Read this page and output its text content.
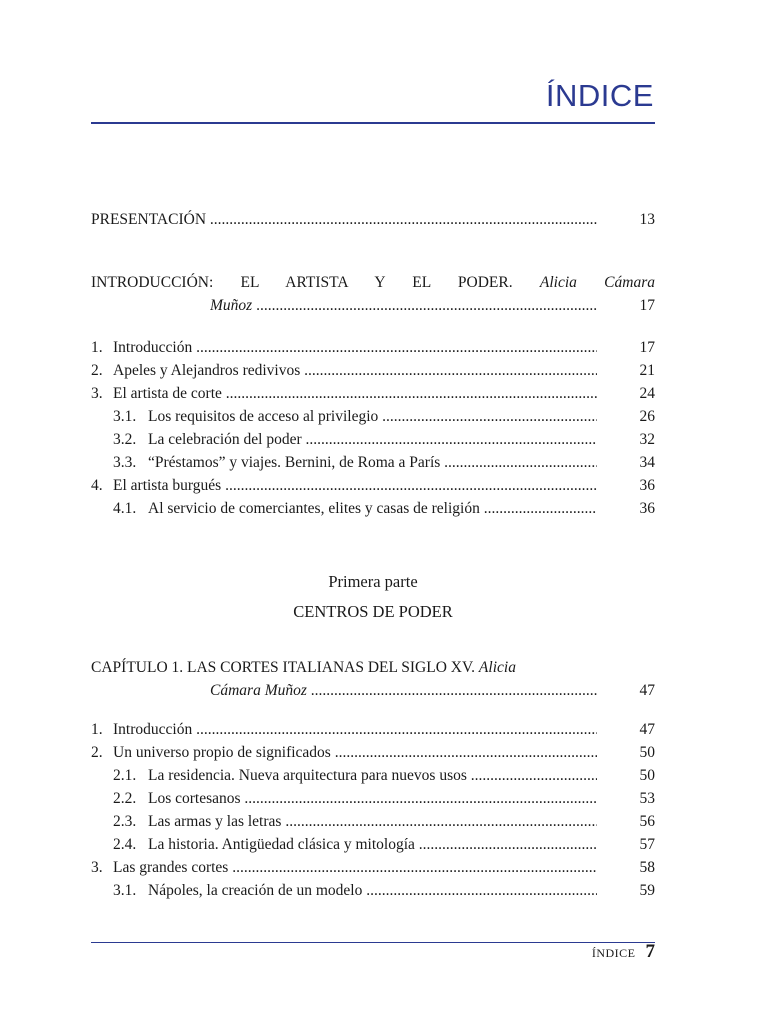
ÍNDICE
PRESENTACIÓN .....	13
INTRODUCCIÓN: EL ARTISTA Y EL PODER. Alicia Cámara
Muñoz .....	17
1. Introducción .....	17
2. Apeles y Alejandros redivivos .....	21
3. El artista de corte .....	24
3.1. Los requisitos de acceso al privilegio .....	26
3.2. La celebración del poder .....	32
3.3. “Préstamos” y viajes. Bernini, de Roma a París .....	34
4. El artista burgués .....	36
4.1. Al servicio de comerciantes, elites y casas de religión .....	36
Primera parte
CENTROS DE PODER
CAPÍTULO 1. LAS CORTES ITALIANAS DEL SIGLO XV. Alicia
Cámara Muñoz .....	47
1. Introducción .....	47
2. Un universo propio de significados .....	50
2.1. La residencia. Nueva arquitectura para nuevos usos .....	50
2.2. Los cortesanos .....	53
2.3. Las armas y las letras .....	56
2.4. La historia. Antigüedad clásica y mitología .....	57
3. Las grandes cortes .....	58
3.1. Nápoles, la creación de un modelo .....	59
ÍNDICE 7
